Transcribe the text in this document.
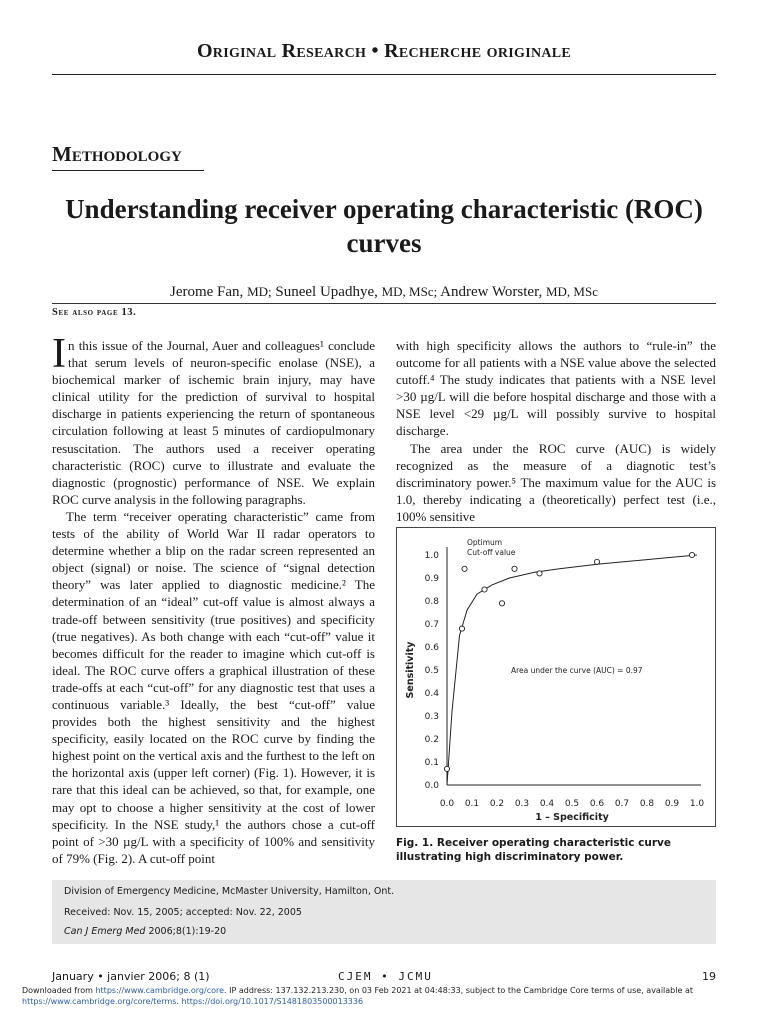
Original Research • Recherche originale
Methodology
Understanding receiver operating characteristic (ROC) curves
Jerome Fan, MD; Suneel Upadhye, MD, MSc; Andrew Worster, MD, MSc
See also page 13.

In this issue of the Journal, Auer and colleagues¹ conclude that serum levels of neuron-specific enolase (NSE), a biochemical marker of ischemic brain injury, may have clinical utility for the prediction of survival to hospital discharge in patients experiencing the return of spontaneous circulation following at least 5 minutes of cardiopulmonary resuscitation. The authors used a receiver operating characteristic (ROC) curve to illustrate and evaluate the diagnostic (prognostic) performance of NSE. We explain ROC curve analysis in the following paragraphs.

The term “receiver operating characteristic” came from tests of the ability of World War II radar operators to determine whether a blip on the radar screen represented an object (signal) or noise. The science of “signal detection theory” was later applied to diagnostic medicine.² The determination of an “ideal” cut-off value is almost always a trade-off between sensitivity (true positives) and specificity (true negatives). As both change with each “cut-off” value it becomes difficult for the reader to imagine which cut-off is ideal. The ROC curve offers a graphical illustration of these trade-offs at each “cut-off” for any diagnostic test that uses a continuous variable.³ Ideally, the best “cut-off” value provides both the highest sensitivity and the highest specificity, easily located on the ROC curve by finding the highest point on the vertical axis and the furthest to the left on the horizontal axis (upper left corner) (Fig. 1). However, it is rare that this ideal can be achieved, so that, for example, one may opt to choose a higher sensitivity at the cost of lower specificity. In the NSE study,¹ the authors chose a cut-off point of >30 µg/L with a specificity of 100% and sensitivity of 79% (Fig. 2). A cut-off point

with high specificity allows the authors to “rule-in” the outcome for all patients with a NSE value above the selected cutoff.⁴ The study indicates that patients with a NSE level >30 µg/L will die before hospital discharge and those with a NSE level <29 µg/L will possibly survive to hospital discharge.

The area under the ROC curve (AUC) is widely recognized as the measure of a diagnotic test’s discriminatory power.⁵ The maximum value for the AUC is 1.0, thereby indicating a (theoretically) perfect test (i.e., 100% sensitive

0.0
0.1
0.2
0.3
0.4
0.5
0.6
0.7
0.8
0.9
1.0
0.0 0.1 0.2 0.3 0.4 0.5 0.6 0.7 0.8 0.9 1.0
1 – Specificity
Sensitivity
Optimum
Cut-off value
Area under the curve (AUC) = 0.97
Fig. 1. Receiver operating characteristic curve illustrating high discriminatory power.
Division of Emergency Medicine, McMaster University, Hamilton, Ont.
Received: Nov. 15, 2005; accepted: Nov. 22, 2005
Can J Emerg Med 2006;8(1):19-20
January • janvier 2006; 8 (1)	CJEM • JCMU	19
Downloaded from https://www.cambridge.org/core. IP address: 137.132.213.230, on 03 Feb 2021 at 04:48:33, subject to the Cambridge Core terms of use, available at
https://www.cambridge.org/core/terms. https://doi.org/10.1017/S1481803500013336
